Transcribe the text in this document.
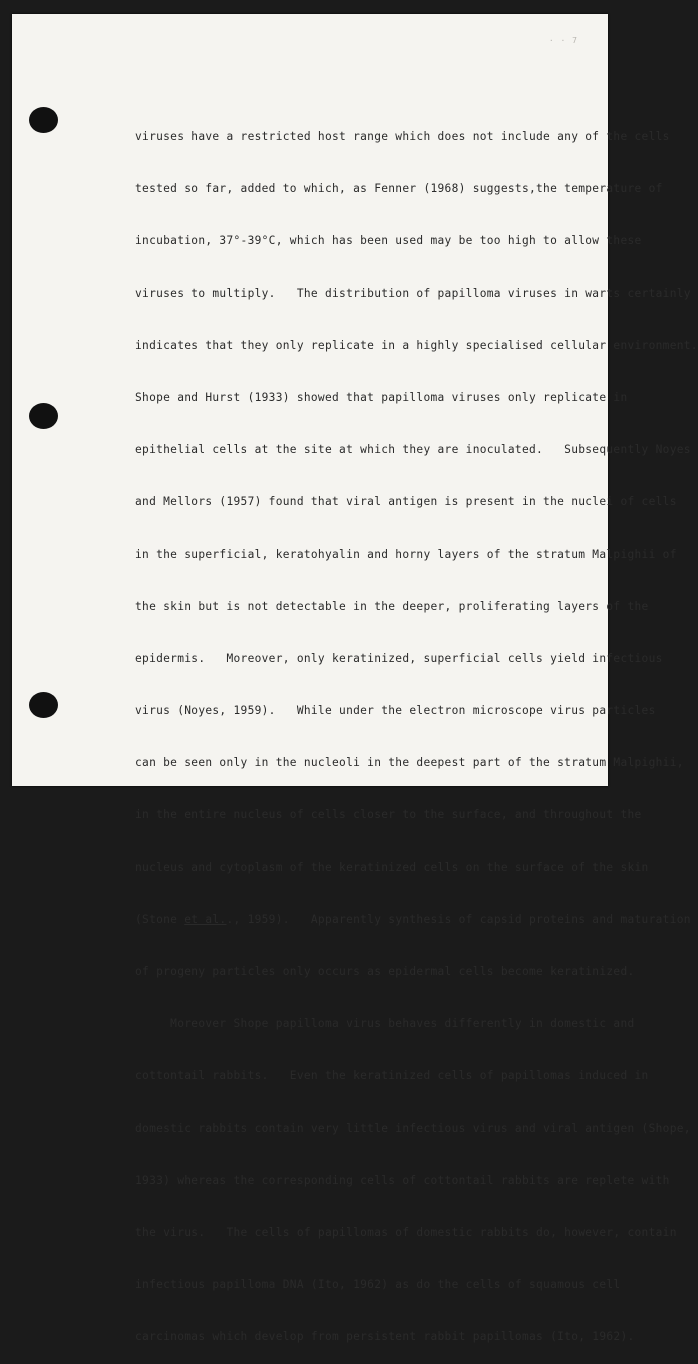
· · 7

viruses have a restricted host range which does not include any of the cells

tested so far, added to which, as Fenner (1968) suggests,the temperature of

incubation, 37°-39°C, which has been used may be too high to allow these

viruses to multiply.   The distribution of papilloma viruses in warts certainly

indicates that they only replicate in a highly specialised cellular environment.

Shope and Hurst (1933) showed that papilloma viruses only replicate in

epithelial cells at the site at which they are inoculated.   Subsequently Noyes

and Mellors (1957) found that viral antigen is present in the nuclei of cells

in the superficial, keratohyalin and horny layers of the stratum Malpighii of

the skin but is not detectable in the deeper, proliferating layers of the

epidermis.   Moreover, only keratinized, superficial cells yield infectious

virus (Noyes, 1959).   While under the electron microscope virus particles

can be seen only in the nucleoli in the deepest part of the stratum Malpighii,

in the entire nucleus of cells closer to the surface, and throughout the

nucleus and cytoplasm of the keratinized cells on the surface of the skin

(Stone et al.., 1959).   Apparently synthesis of capsid proteins and maturation

of progeny particles only occurs as epidermal cells become keratinized.

Moreover Shope papilloma virus behaves differently in domestic and

cottontail rabbits.   Even the keratinized cells of papillomas induced in

domestic rabbits contain very little infectious virus and viral antigen (Shope,

1933) whereas the corresponding cells of cottontail rabbits are replete with

the virus.   The cells of papillomas of domestic rabbits do, however, contain

infectious papilloma DNA (Ito, 1962) as do the cells of squamous cell

carcinomas which develop from persistent rabbit papillomas (Ito, 1962).
